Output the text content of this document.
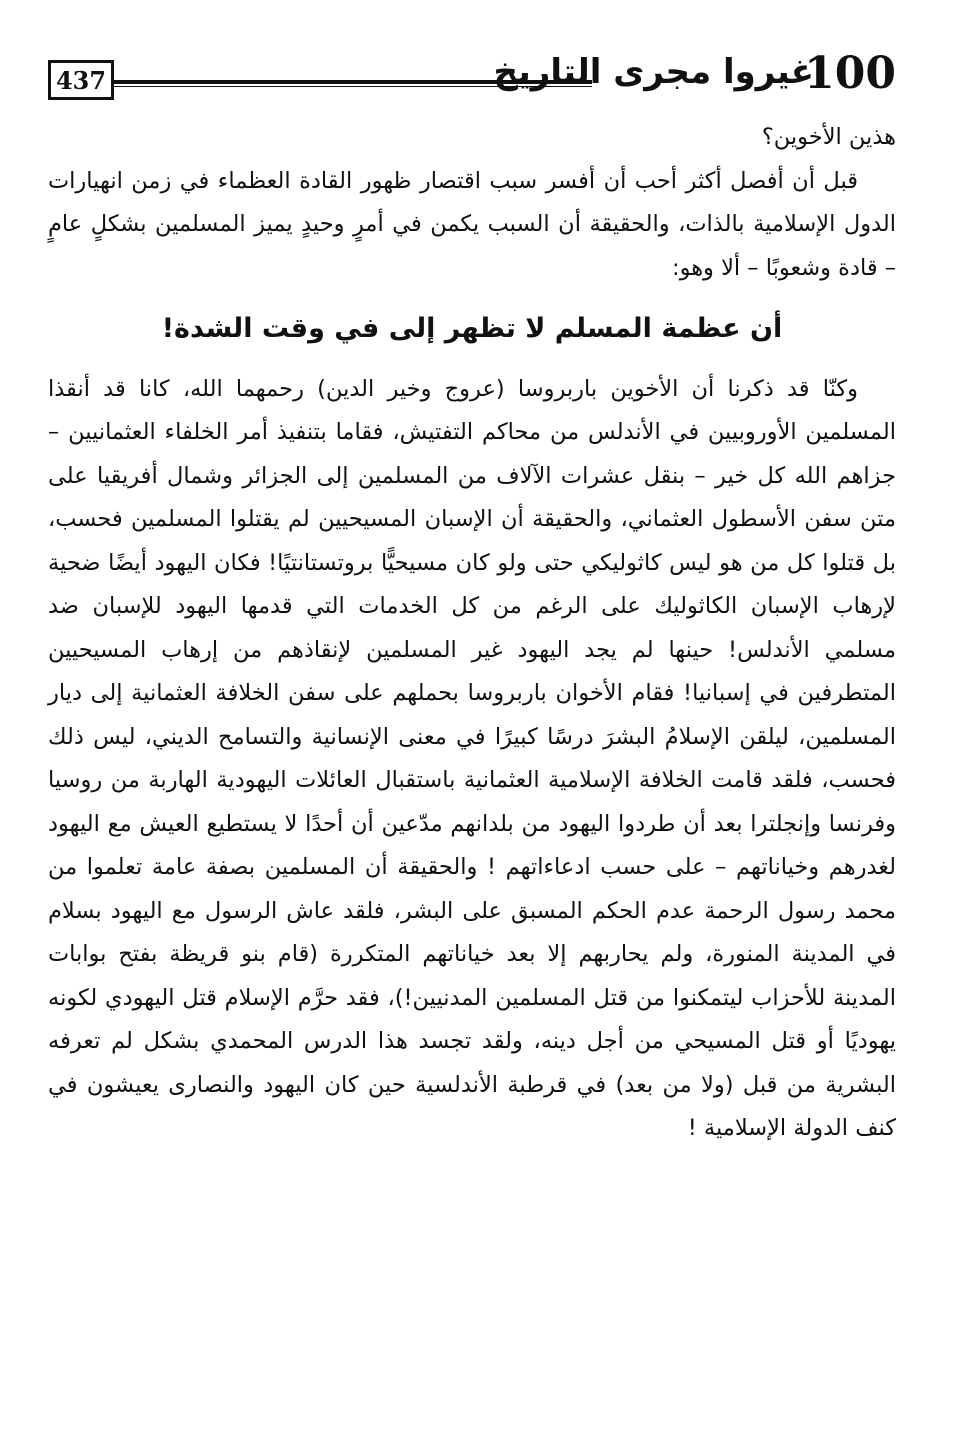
437	غيروا مجرى التاريخ
100

هذين الأخوين؟

قبل أن أفصل أكثر أحب أن أفسر سبب اقتصار ظهور القادة العظماء في زمن انهيارات الدول الإسلامية بالذات، والحقيقة أن السبب يكمن في أمرٍ وحيدٍ يميز المسلمين بشكلٍ عامٍ – قادة وشعوبًا – ألا وهو:

أن عظمة المسلم لا تظهر إلى في وقت الشدة!

وكنّا قد ذكرنا أن الأخوين باربروسا (عروج وخير الدين) رحمهما الله، كانا قد أنقذا المسلمين الأوروبيين في الأندلس من محاكم التفتيش، فقاما بتنفيذ أمر الخلفاء العثمانيين – جزاهم الله كل خير – بنقل عشرات الآلاف من المسلمين إلى الجزائر وشمال أفريقيا على متن سفن الأسطول العثماني، والحقيقة أن الإسبان المسيحيين لم يقتلوا المسلمين فحسب، بل قتلوا كل من هو ليس كاثوليكي حتى ولو كان مسيحيًّا بروتستانتيًا! فكان اليهود أيضًا ضحية لإرهاب الإسبان الكاثوليك على الرغم من كل الخدمات التي قدمها اليهود للإسبان ضد مسلمي الأندلس! حينها لم يجد اليهود غير المسلمين لإنقاذهم من إرهاب المسيحيين المتطرفين في إسبانيا! فقام الأخوان باربروسا بحملهم على سفن الخلافة العثمانية إلى ديار المسلمين، ليلقن الإسلامُ البشرَ درسًا كبيرًا في معنى الإنسانية والتسامح الديني، ليس ذلك فحسب، فلقد قامت الخلافة الإسلامية العثمانية باستقبال العائلات اليهودية الهاربة من روسيا وفرنسا وإنجلترا بعد أن طردوا اليهود من بلدانهم مدّعين أن أحدًا لا يستطيع العيش مع اليهود لغدرهم وخياناتهم – على حسب ادعاءاتهم ! والحقيقة أن المسلمين بصفة عامة تعلموا من محمد رسول الرحمة عدم الحكم المسبق على البشر، فلقد عاش الرسول مع اليهود بسلام في المدينة المنورة، ولم يحاربهم إلا بعد خياناتهم المتكررة (قام بنو قريظة بفتح بوابات المدينة للأحزاب ليتمكنوا من قتل المسلمين المدنيين!)، فقد حرَّم الإسلام قتل اليهودي لكونه يهوديًا أو قتل المسيحي من أجل دينه، ولقد تجسد هذا الدرس المحمدي بشكل لم تعرفه البشرية من قبل (ولا من بعد) في قرطبة الأندلسية حين كان اليهود والنصارى يعيشون في كنف الدولة الإسلامية !
